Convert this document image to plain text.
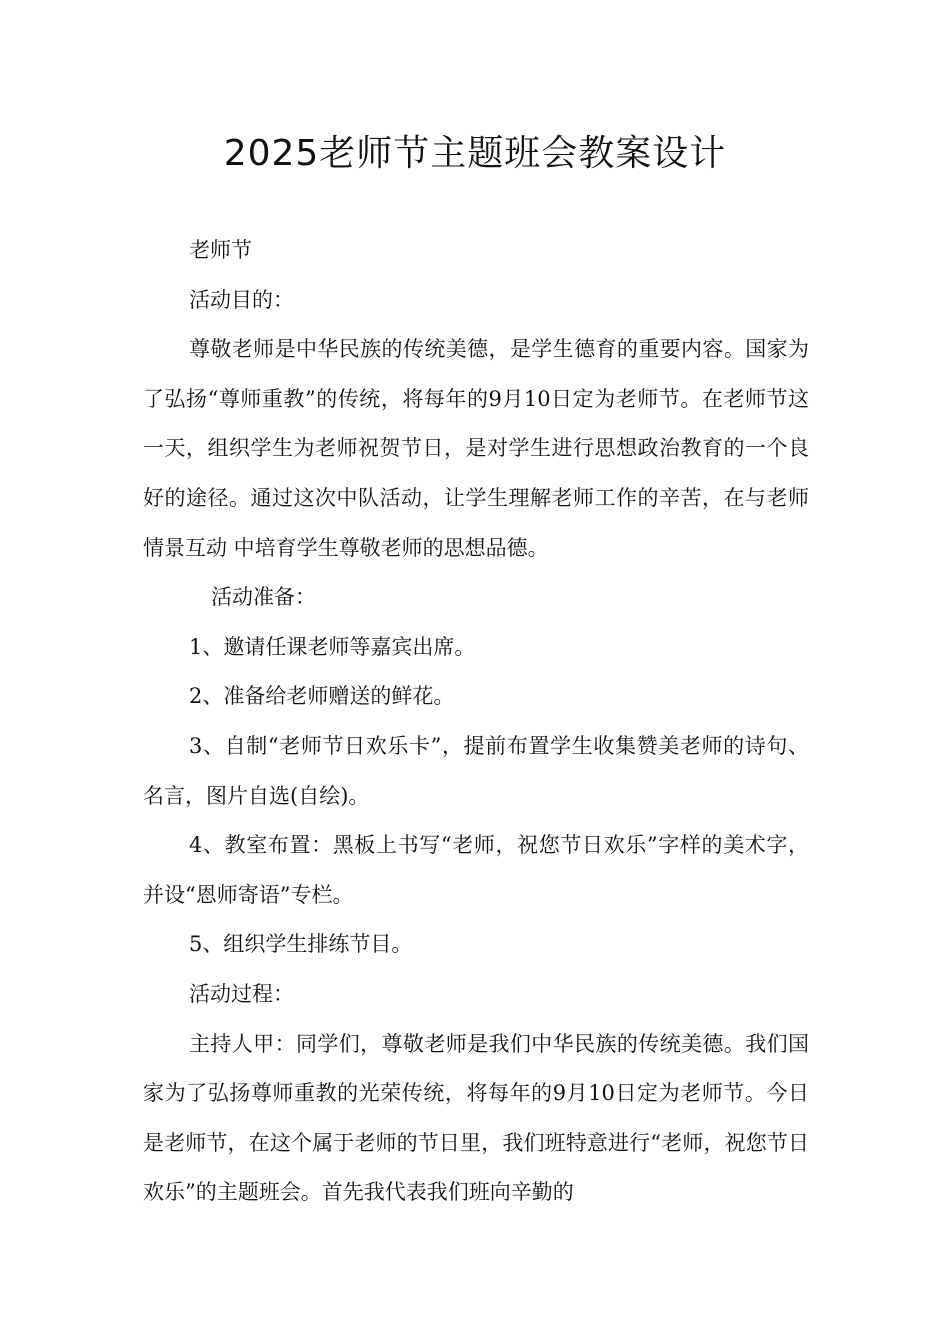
2025老师节主题班会教案设计

老师节

活动目的：

尊敬老师是中华民族的传统美德，是学生德育的重要内容。国家为了弘扬“尊师重教”的传统，将每年的9月10日定为老师节。在老师节这一天，组织学生为老师祝贺节日，是对学生进行思想政治教育的一个良好的途径。通过这次中队活动，让学生理解老师工作的辛苦，在与老师情景互动 中培育学生尊敬老师的思想品德。

活动准备：

1、邀请任课老师等嘉宾出席。

2、准备给老师赠送的鲜花。

3、自制“老师节日欢乐卡”，提前布置学生收集赞美老师的诗句、名言，图片自选(自绘)。

4、教室布置：黑板上书写“老师，祝您节日欢乐”字样的美术字，并设“恩师寄语”专栏。

5、组织学生排练节目。

活动过程：

主持人甲：同学们，尊敬老师是我们中华民族的传统美德。我们国家为了弘扬尊师重教的光荣传统，将每年的9月10日定为老师节。今日是老师节，在这个属于老师的节日里，我们班特意进行“老师，祝您节日欢乐”的主题班会。首先我代表我们班向辛勤的
